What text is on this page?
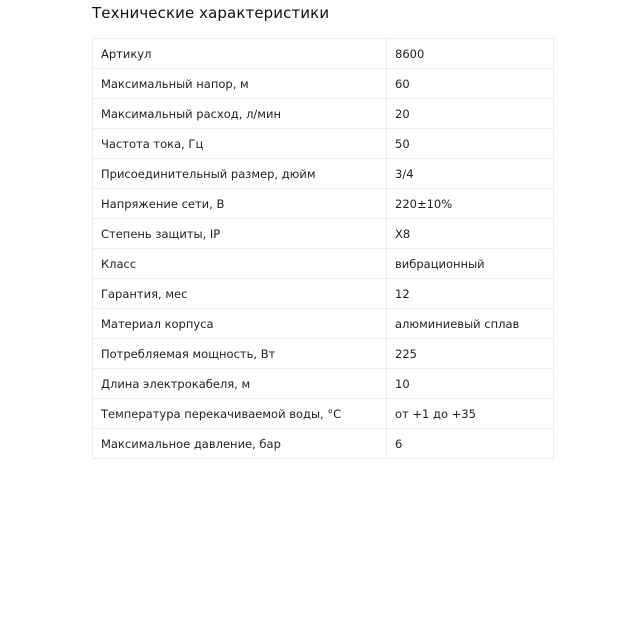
Технические характеристики
Артикул	8600
Максимальный напор, м	60
Максимальный расход, л/мин	20
Частота тока, Гц	50
Присоединительный размер, дюйм	3/4
Напряжение сети, В	220±10%
Степень защиты, IP	X8
Класс	вибрационный
Гарантия, мес	12
Материал корпуса	алюминиевый сплав
Потребляемая мощность, Вт	225
Длина электрокабеля, м	10
Температура перекачиваемой воды, °С	от +1 до +35
Максимальное давление, бар	6
